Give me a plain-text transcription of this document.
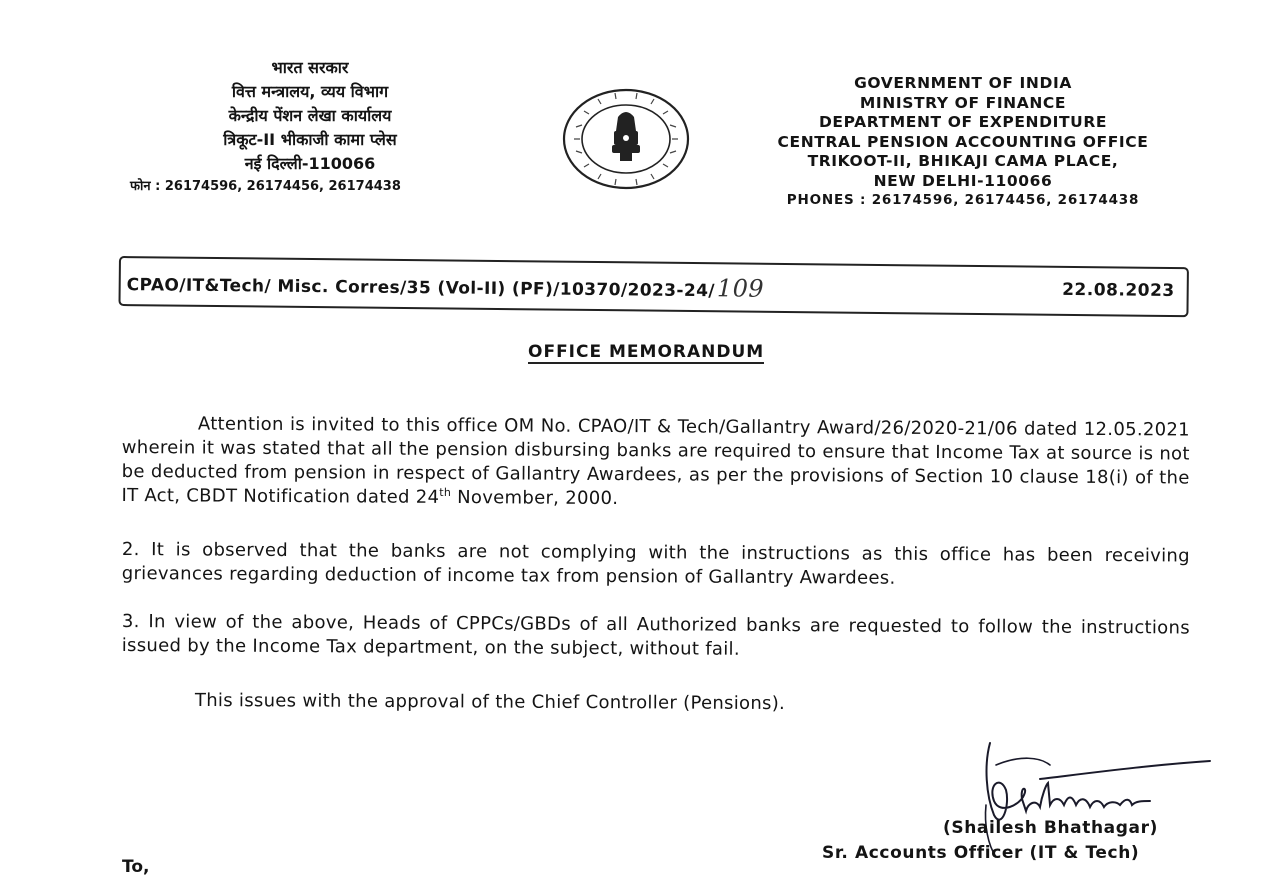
भारत सरकार
वित्त मन्त्रालय, व्यय विभाग
केन्द्रीय पेंशन लेखा कार्यालय
त्रिकूट-II भीकाजी कामा प्लेस
नई दिल्ली-110066
फोन : 26174596, 26174456, 26174438
GOVERNMENT OF INDIA
MINISTRY OF FINANCE
DEPARTMENT OF EXPENDITURE
CENTRAL PENSION ACCOUNTING OFFICE
TRIKOOT-II, BHIKAJI CAMA PLACE,
NEW DELHI-110066
PHONES : 26174596, 26174456, 26174438
CPAO/IT&Tech/ Misc. Corres/35 (Vol-II) (PF)/10370/2023-24/109	22.08.2023
OFFICE MEMORANDUM
Attention is invited to this office OM No. CPAO/IT & Tech/Gallantry Award/26/2020-21/06 dated 12.05.2021 wherein it was stated that all the pension disbursing banks are required to ensure that Income Tax at source is not be deducted from pension in respect of Gallantry Awardees, as per the provisions of Section 10 clause 18(i) of the IT Act, CBDT Notification dated 24th November, 2000.
2. It is observed that the banks are not complying with the instructions as this office has been receiving grievances regarding deduction of income tax from pension of Gallantry Awardees.
3. In view of the above, Heads of CPPCs/GBDs of all Authorized banks are requested to follow the instructions issued by the Income Tax department, on the subject, without fail.
This issues with the approval of the Chief Controller (Pensions).
(Shailesh Bhathagar)
Sr. Accounts Officer (IT & Tech)
To,
